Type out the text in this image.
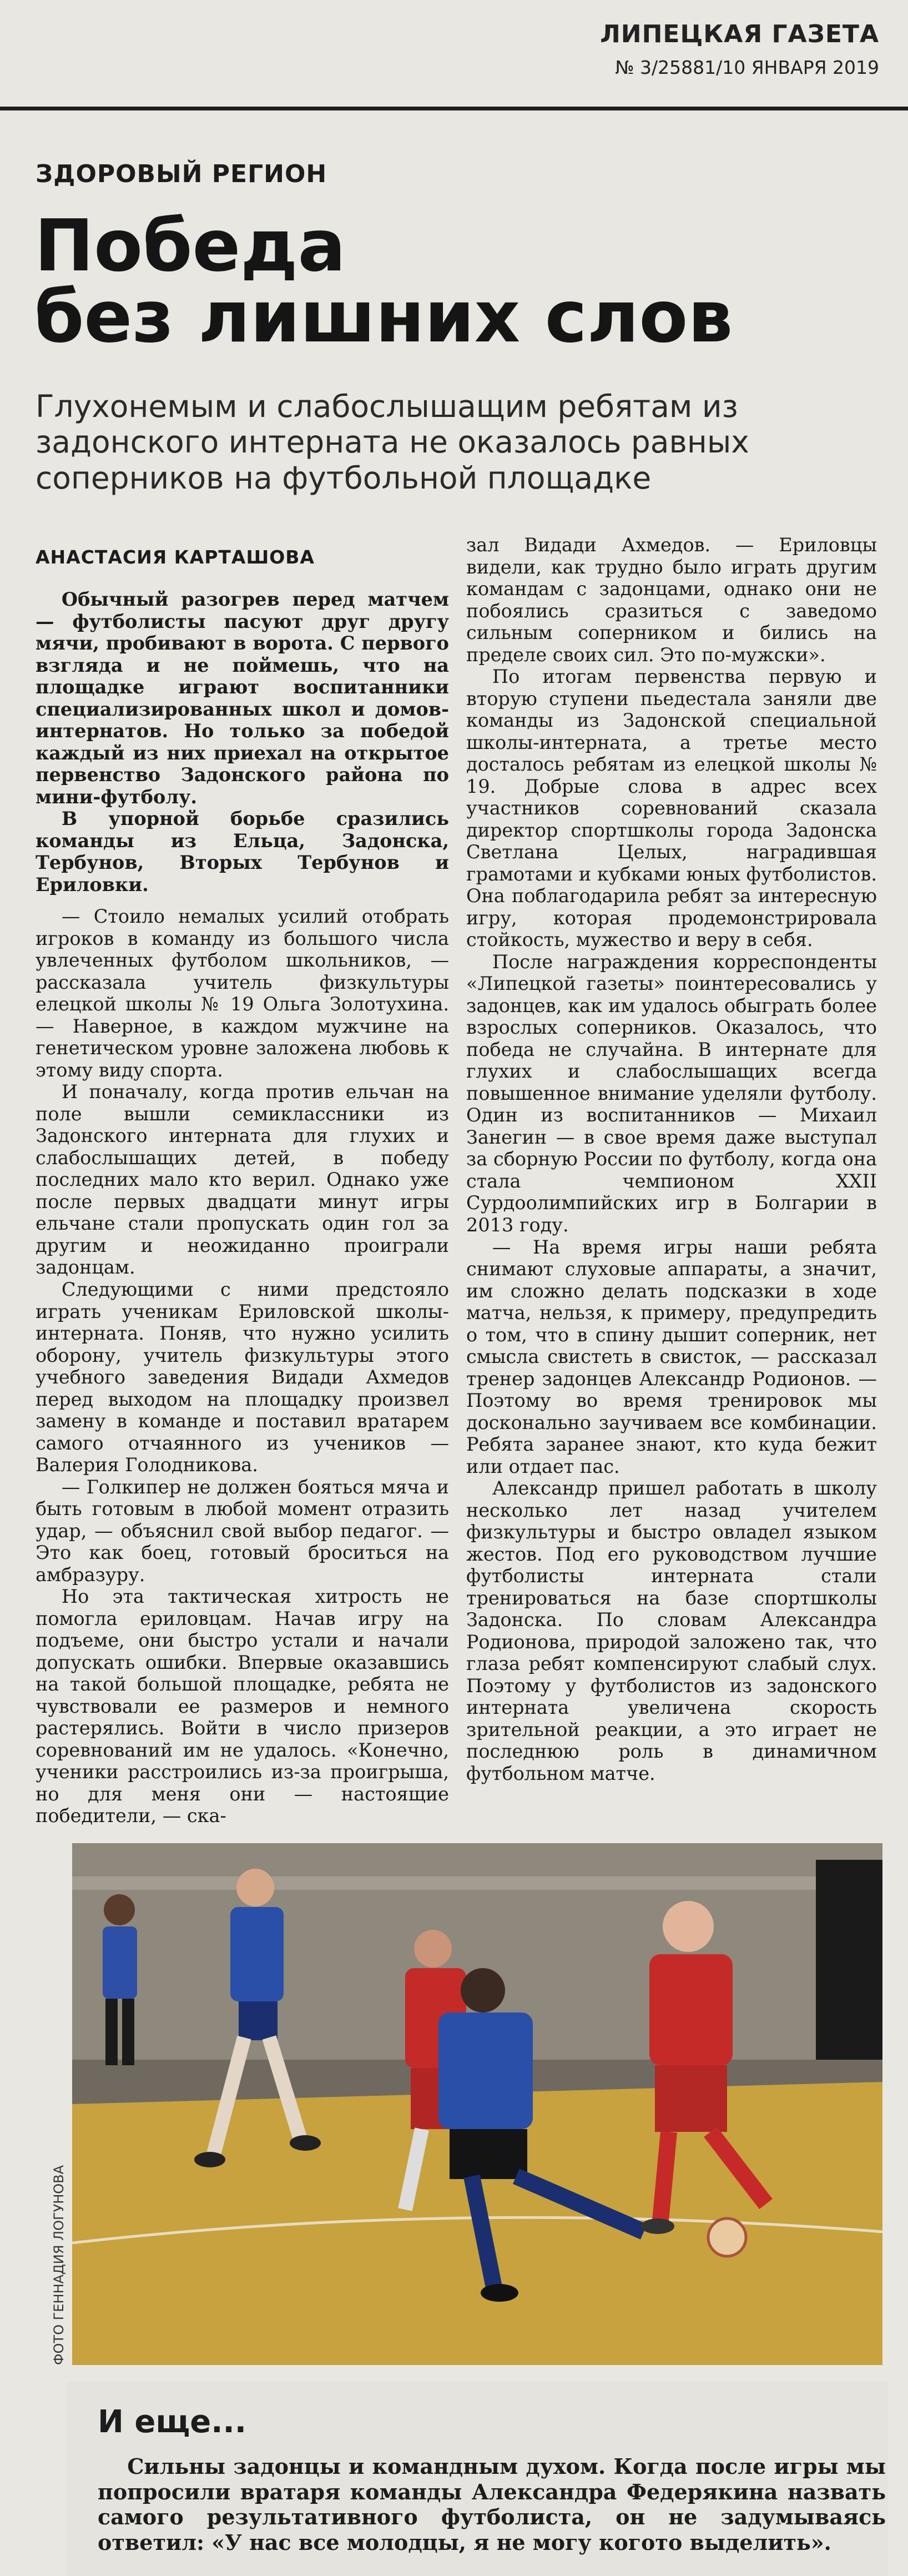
ЛИПЕЦКАЯ ГАЗЕТА
№ 3/25881/10 ЯНВАРЯ 2019
ЗДОРОВЫЙ РЕГИОН
Победа
без лишних слов
Глухонемым и слабослышащим ребятам из задонского интерната не оказалось равных соперников на футбольной площадке
АНАСТАСИЯ КАРТАШОВА

Обычный разогрев перед матчем — футболисты пасуют друг другу мячи, пробивают в ворота. С первого взгляда и не поймешь, что на площадке играют воспитанники специализированных школ и домов-интернатов. Но только за победой каждый из них приехал на открытое первенство Задонского района по мини-футболу.

В упорной борьбе сразились команды из Ельца, Задонска, Тербунов, Вторых Тербунов и Ериловки.

— Стоило немалых усилий отобрать игроков в команду из большого числа увлеченных футболом школьников, — рассказала учитель физкультуры елецкой школы № 19 Ольга Золотухина. — Наверное, в каждом мужчине на генетическом уровне заложена любовь к этому виду спорта.

И поначалу, когда против ельчан на поле вышли семиклассники из Задонского интерната для глухих и слабослышащих детей, в победу последних мало кто верил. Однако уже после первых двадцати минут игры ельчане стали пропускать один гол за другим и неожиданно проиграли задонцам.

Следующими с ними предстояло играть ученикам Ериловской школы-интерната. Поняв, что нужно усилить оборону, учитель физкультуры этого учебного заведения Видади Ахмедов перед выходом на площадку произвел замену в команде и поставил вратарем самого отчаянного из учеников — Валерия Голодникова.

— Голкипер не должен бояться мяча и быть готовым в любой момент отразить удар, — объяснил свой выбор педагог. — Это как боец, готовый броситься на амбразуру.

Но эта тактическая хитрость не помогла ериловцам. Начав игру на подъеме, они быстро устали и начали допускать ошибки. Впервые оказавшись на такой большой площадке, ребята не чувствовали ее размеров и немного растерялись. Войти в число призеров соревнований им не удалось. «Конечно, ученики расстроились из-за проигрыша, но для меня они — настоящие победители, — ска-

зал Видади Ахмедов. — Ериловцы видели, как трудно было играть другим командам с задонцами, однако они не побоялись сразиться с заведомо сильным соперником и бились на пределе своих сил. Это по-мужски».

По итогам первенства первую и вторую ступени пьедестала заняли две команды из Задонской специальной школы-интерната, а третье место досталось ребятам из елецкой школы № 19. Добрые слова в адрес всех участников соревнований сказала директор спортшколы города Задонска Светлана Целых, наградившая грамотами и кубками юных футболистов. Она поблагодарила ребят за интересную игру, которая продемонстрировала стойкость, мужество и веру в себя.

После награждения корреспонденты «Липецкой газеты» поинтересовались у задонцев, как им удалось обыграть более взрослых соперников. Оказалось, что победа не случайна. В интернате для глухих и слабослышащих всегда повышенное внимание уделяли футболу. Один из воспитанников — Михаил Занегин — в свое время даже выступал за сборную России по футболу, когда она стала чемпионом XXII Сурдоолимпийских игр в Болгарии в 2013 году.

— На время игры наши ребята снимают слуховые аппараты, а значит, им сложно делать подсказки в ходе матча, нельзя, к примеру, предупредить о том, что в спину дышит соперник, нет смысла свистеть в свисток, — рассказал тренер задонцев Александр Родионов. — Поэтому во время тренировок мы досконально заучиваем все комбинации. Ребята заранее знают, кто куда бежит или отдает пас.

Александр пришел работать в школу несколько лет назад учителем физкультуры и быстро овладел языком жестов. Под его руководством лучшие футболисты интерната стали тренироваться на базе спортшколы Задонска. По словам Александра Родионова, природой заложено так, что глаза ребят компенсируют слабый слух. Поэтому у футболистов из задонского интерната увеличена скорость зрительной реакции, а это играет не последнюю роль в динамичном футбольном матче.

ФОТО ГЕННАДИЯ ЛОГУНОВА
И еще...

Сильны задонцы и командным духом. Когда после игры мы попросили вратаря команды Александра Федерякина назвать самого результативного футболиста, он не задумываясь ответил: «У нас все молодцы, я не могу когото выделить».
